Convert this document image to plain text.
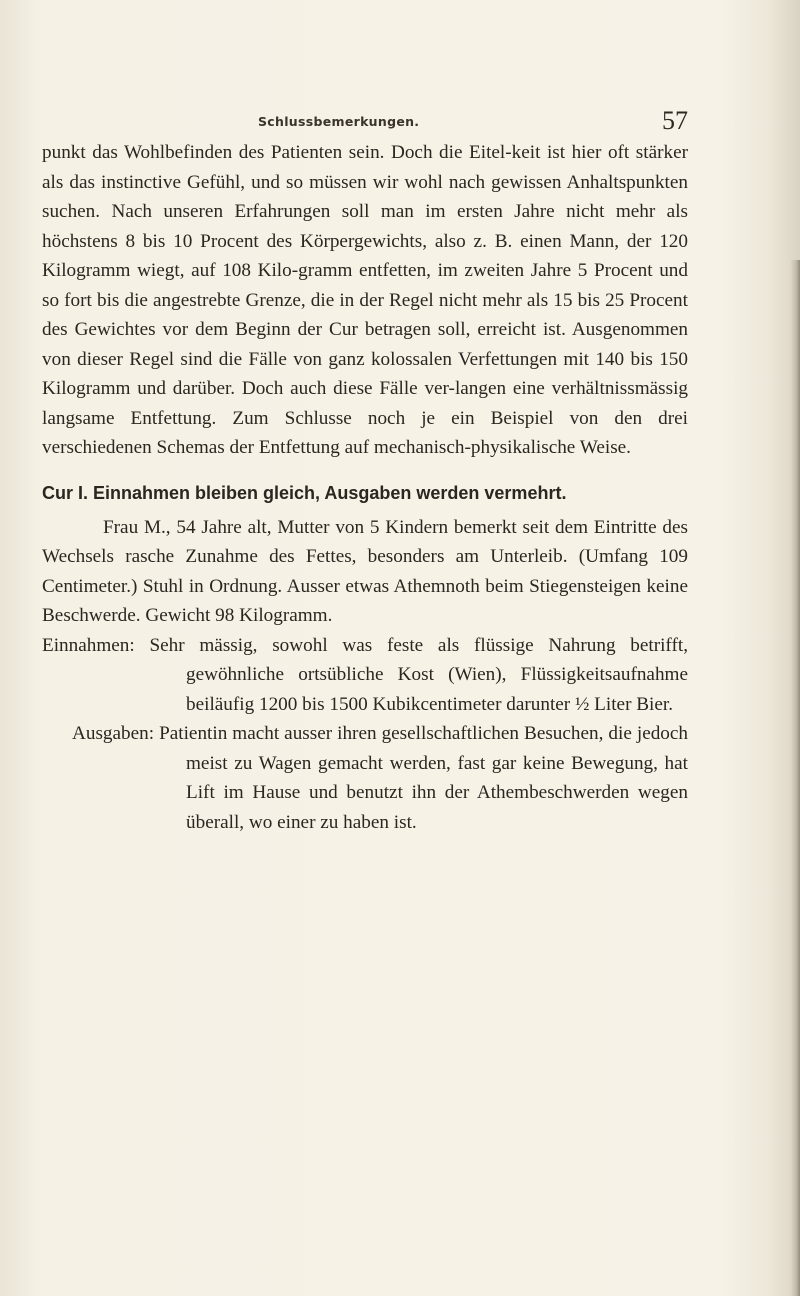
Schlussbemerkungen.	57

punkt das Wohlbefinden des Patienten sein. Doch die Eitel-keit ist hier oft stärker als das instinctive Gefühl, und so müssen wir wohl nach gewissen Anhaltspunkten suchen. Nach unseren Erfahrungen soll man im ersten Jahre nicht mehr als höchstens 8 bis 10 Procent des Körpergewichts, also z. B. einen Mann, der 120 Kilogramm wiegt, auf 108 Kilo-gramm entfetten, im zweiten Jahre 5 Procent und so fort bis die angestrebte Grenze, die in der Regel nicht mehr als 15 bis 25 Procent des Gewichtes vor dem Beginn der Cur betragen soll, erreicht ist. Ausgenommen von dieser Regel sind die Fälle von ganz kolossalen Verfettungen mit 140 bis 150 Kilogramm und darüber. Doch auch diese Fälle ver-langen eine verhältnissmässig langsame Entfettung. Zum Schlusse noch je ein Beispiel von den drei verschiedenen Schemas der Entfettung auf mechanisch-physikalische Weise.

Cur I. Einnahmen bleiben gleich, Ausgaben werden vermehrt.

Frau M., 54 Jahre alt, Mutter von 5 Kindern bemerkt seit dem Eintritte des Wechsels rasche Zunahme des Fettes, besonders am Unterleib. (Umfang 109 Centimeter.) Stuhl in Ordnung. Ausser etwas Athemnoth beim Stiegensteigen keine Beschwerde. Gewicht 98 Kilogramm.

Einnahmen: Sehr mässig, sowohl was feste als flüssige Nahrung betrifft, gewöhnliche ortsübliche Kost (Wien), Flüssigkeitsaufnahme beiläufig 1200 bis 1500 Kubikcentimeter darunter ½ Liter Bier.
Ausgaben: Patientin macht ausser ihren gesellschaftlichen Besuchen, die jedoch meist zu Wagen gemacht werden, fast gar keine Bewegung, hat Lift im Hause und benutzt ihn der Athembeschwerden wegen überall, wo einer zu haben ist.
